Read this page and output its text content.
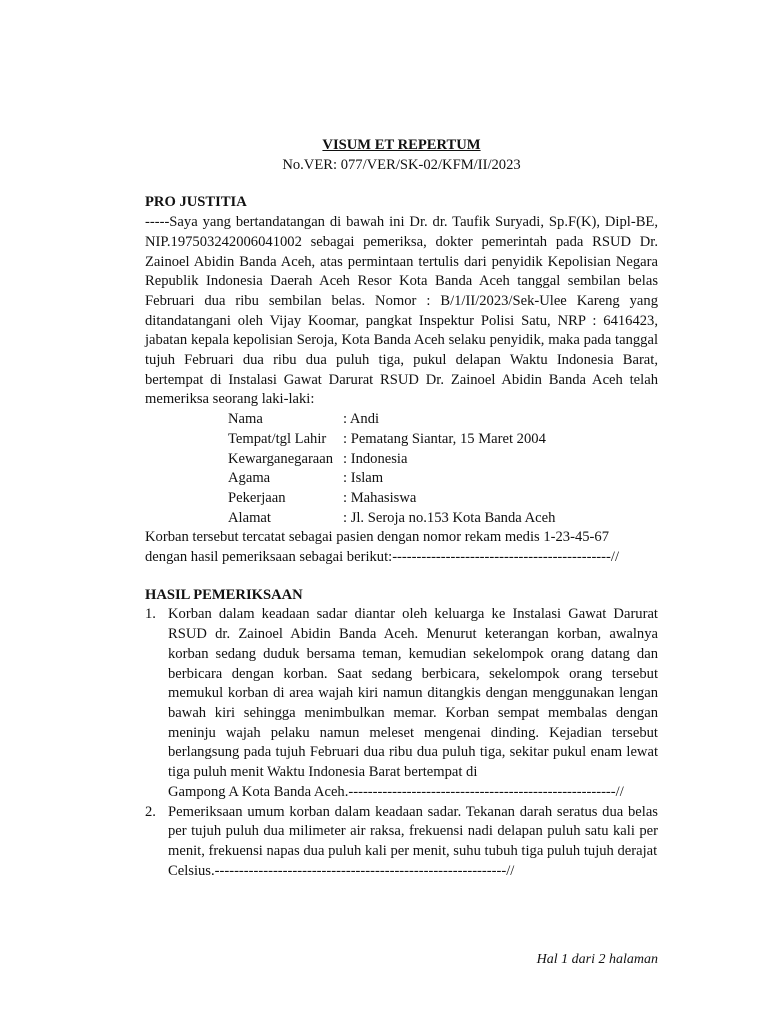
VISUM ET REPERTUM
No.VER: 077/VER/SK-02/KFM/II/2023
PRO JUSTITIA
-----Saya yang bertandatangan di bawah ini Dr. dr. Taufik Suryadi, Sp.F(K), Dipl-BE, NIP.197503242006041002 sebagai pemeriksa, dokter pemerintah pada RSUD Dr. Zainoel Abidin Banda Aceh, atas permintaan tertulis dari penyidik Kepolisian Negara Republik Indonesia Daerah Aceh Resor Kota Banda Aceh tanggal sembilan belas Februari dua ribu sembilan belas. Nomor : B/1/II/2023/Sek-Ulee Kareng yang ditandatangani oleh Vijay Koomar, pangkat Inspektur Polisi Satu, NRP : 6416423, jabatan kepala kepolisian Seroja, Kota Banda Aceh selaku penyidik, maka pada tanggal tujuh Februari dua ribu dua puluh tiga, pukul delapan Waktu Indonesia Barat, bertempat di Instalasi Gawat Darurat RSUD Dr. Zainoel Abidin Banda Aceh telah memeriksa seorang laki-laki:
Nama	: Andi
Tempat/tgl Lahir	: Pematang Siantar, 15 Maret 2004
Kewarganegaraan : Indonesia
Agama	: Islam
Pekerjaan	: Mahasiswa
Alamat	: Jl. Seroja no.153 Kota Banda Aceh
Korban tersebut tercatat sebagai pasien dengan nomor rekam medis 1-23-45-67
dengan hasil pemeriksaan sebagai berikut:---------------------------------------------//
HASIL PEMERIKSAAN
1. Korban dalam keadaan sadar diantar oleh keluarga ke Instalasi Gawat Darurat RSUD dr. Zainoel Abidin Banda Aceh. Menurut keterangan korban, awalnya korban sedang duduk bersama teman, kemudian sekelompok orang datang dan berbicara dengan korban. Saat sedang berbicara, sekelompok orang tersebut memukul korban di area wajah kiri namun ditangkis dengan menggunakan lengan bawah kiri sehingga menimbulkan memar. Korban sempat membalas dengan meninju wajah pelaku namun meleset mengenai dinding. Kejadian tersebut berlangsung pada tujuh Februari dua ribu dua puluh tiga, sekitar pukul enam lewat tiga puluh menit Waktu Indonesia Barat bertempat di
Gampong A Kota Banda Aceh.-------------------------------------------------------//
2. Pemeriksaan umum korban dalam keadaan sadar. Tekanan darah seratus dua belas per tujuh puluh dua milimeter air raksa, frekuensi nadi delapan puluh satu kali per menit, frekuensi napas dua puluh kali per menit, suhu tubuh tiga puluh tujuh derajat
Celsius.------------------------------------------------------------//
Hal 1 dari 2 halaman
